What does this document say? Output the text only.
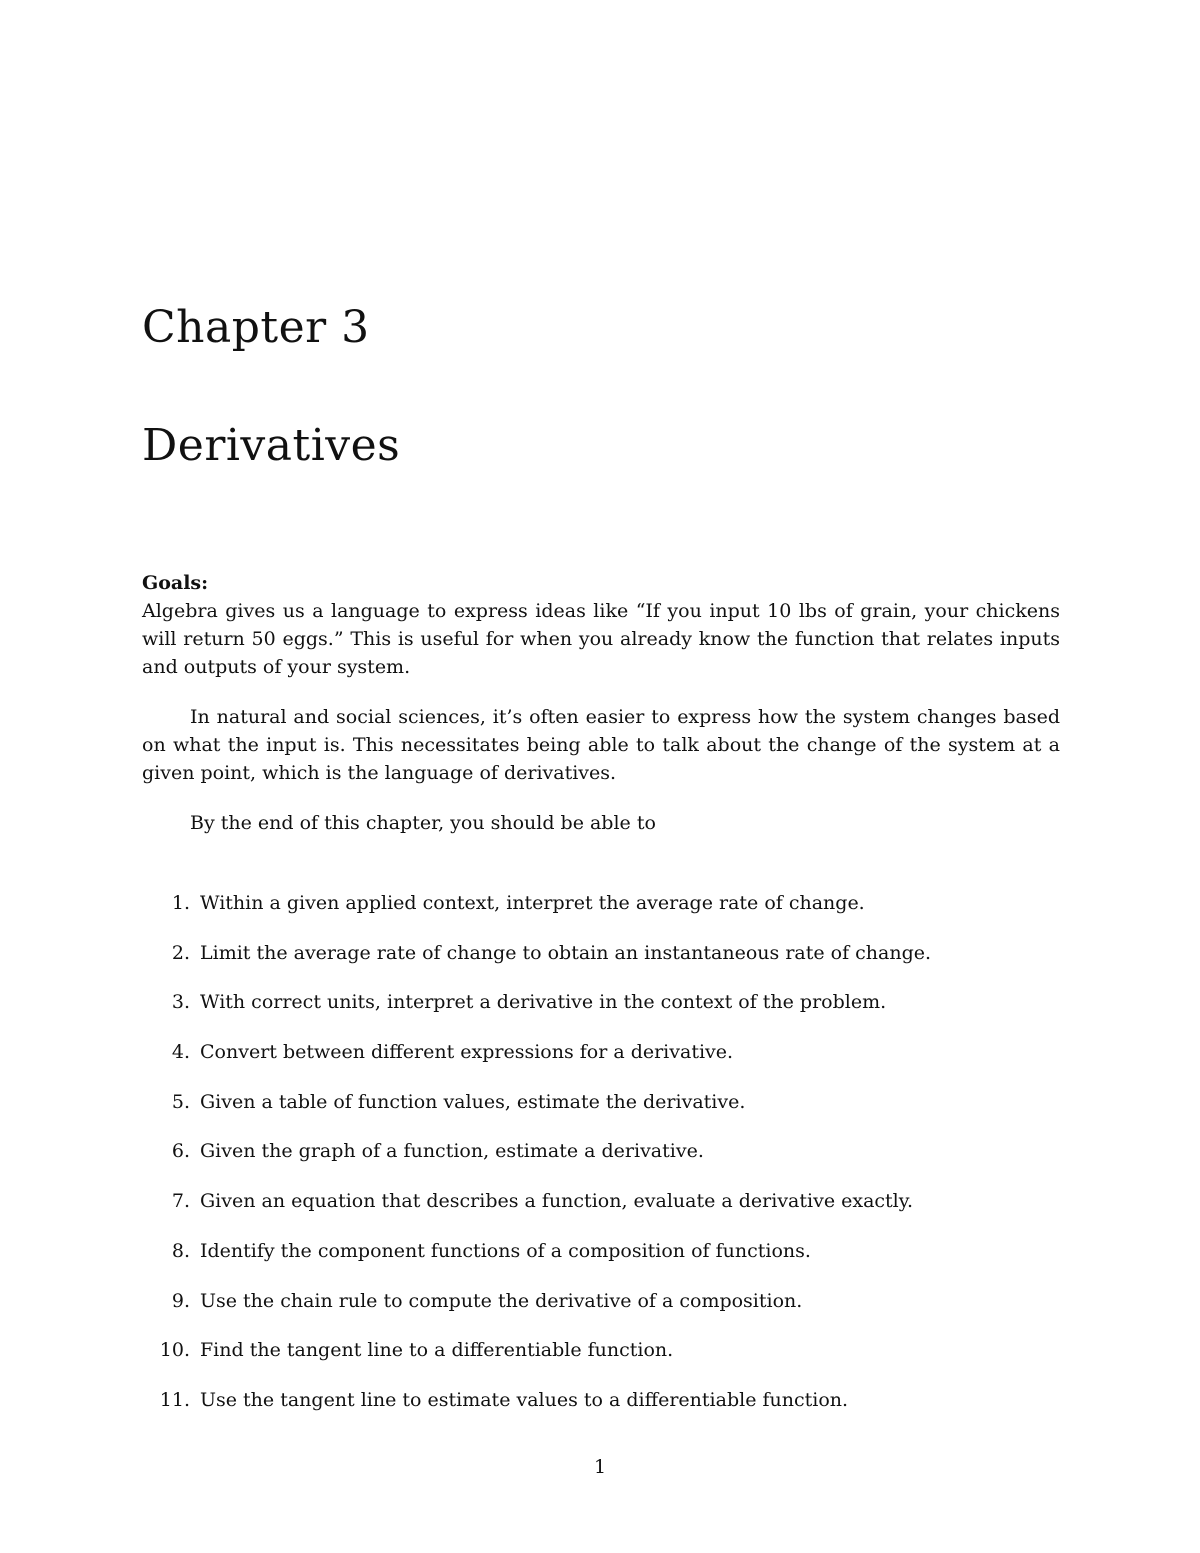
Chapter 3
Derivatives
Goals:

Algebra gives us a language to express ideas like “If you input 10 lbs of grain, your chickens will return 50 eggs.” This is useful for when you already know the function that relates inputs and outputs of your system.

In natural and social sciences, it’s often easier to express how the system changes based on what the input is. This necessitates being able to talk about the change of the system at a given point, which is the language of derivatives.

By the end of this chapter, you should be able to

1. Within a given applied context, interpret the average rate of change.
2. Limit the average rate of change to obtain an instantaneous rate of change.
3. With correct units, interpret a derivative in the context of the problem.
4. Convert between different expressions for a derivative.
5. Given a table of function values, estimate the derivative.
6. Given the graph of a function, estimate a derivative.
7. Given an equation that describes a function, evaluate a derivative exactly.
8. Identify the component functions of a composition of functions.
9. Use the chain rule to compute the derivative of a composition.
10. Find the tangent line to a differentiable function.
11. Use the tangent line to estimate values to a differentiable function.
1
